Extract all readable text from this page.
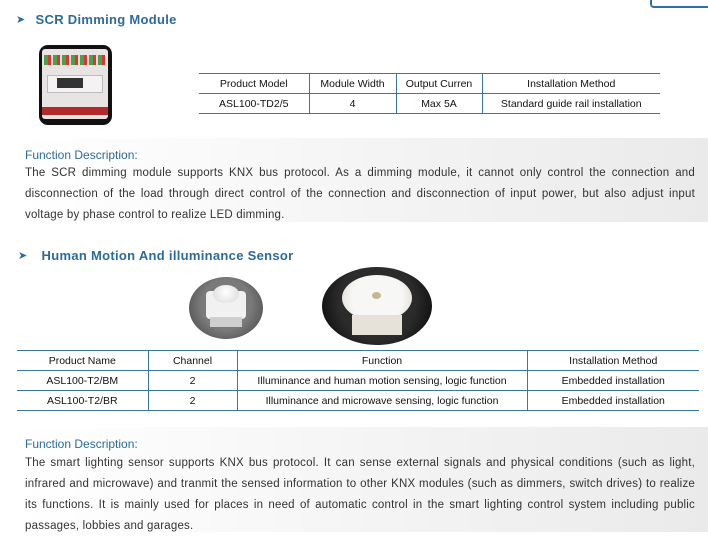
➤ SCR Dimming Module
Product Model	Module Width	Output Curren	Installation Method
ASL100-TD2/5	4	Max 5A	Standard guide rail installation
Function Description:
The SCR dimming module supports KNX bus protocol. As a dimming module, it cannot only control the connection and disconnection of the load through direct control of the connection and disconnection of input power, but also adjust input voltage by phase control to realize LED dimming.
➤ Human Motion And illuminance Sensor
Product Name	Channel	Function	Installation Method
ASL100-T2/BM	2	Illuminance and human motion sensing, logic function	Embedded installation
ASL100-T2/BR	2	Illuminance and microwave sensing, logic function	Embedded installation
Function Description:
The smart lighting sensor supports KNX bus protocol. It can sense external signals and physical conditions (such as light, infrared and microwave) and tranmit the sensed information to other KNX modules (such as dimmers, switch drives) to realize its functions. It is mainly used for places in need of automatic control in the smart lighting control system including public passages, lobbies and garages.
